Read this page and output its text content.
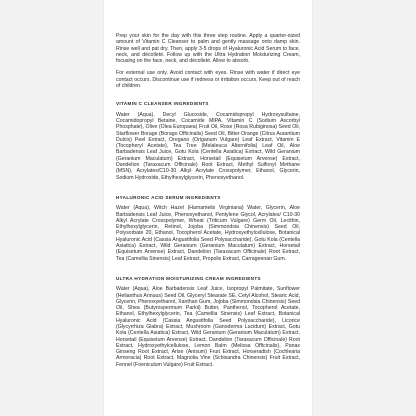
Prep your skin for the day with this three step routine. Apply a quarter-sized amount of Vitamin C Cleanser to palm and gently massage onto damp skin. Rinse well and pat dry. Then, apply 3-5 drops of Hyaluronic Acid Serum to face, neck, and décolleté. Follow up with the Ultra Hydration Moisturizing Cream, focusing on the face, neck, and décolleté. Allow to absorb.

For external use only. Avoid contact with eyes. Rinse with water if direct eye contact occurs. Discontinue use if redness or irritation occurs. Keep out of reach of children.

VITAMIN C CLEANSER INGREDIENTS

Water (Aqua), Decyl Glucoside, Cocamidopropyl Hydroxysultaine, Cocamidopropyl Betaine, Cocamide MIPA, Vitamin C (Sodium Ascorbyl Phosphate), Olive (Olea Europaea) Fruit Oil, Rose (Rosa Rubiginosa) Seed Oil, Starflower Borage (Borago Officinalis) Seed Oil, Bitter Orange (Citrus Aurantium Dulcis) Peel Extract, Oregano (Origanum Vulgare) Leaf Extract, Vitamin E (Tocopheryl Acetate), Tea Tree (Melaleuca Alternifolia) Leaf Oil, Aloe Barbadensis Leaf Juice, Gotu Kola (Centella Asiatica) Extract, Wild Geranium (Geranium Maculatum) Extract, Horsetail (Equisetum Arvense) Extract, Dandelion (Taraxacum Officinale) Root Extract, Methyl Sulfonyl Methane (MSN), Acrylates/C10-30 Alkyl Acrylate Crosspolymer, Ethanol, Glycerin, Sodium Hydroxide, Ethylhexylglycerin, Phenoxyethanol.

HYALURONIC ACID SERUM INGREDIENTS

Water (Aqua), Witch Hazel (Hamamelis Virginiana) Water, Glycerin, Aloe Barbadensis Leaf Juice, Phenoxyethanol, Pentylene Glycol, Acrylates/ C10-30 Alkyl Acrylate Crosspolymer, Wheat (Triticum Vulgare) Germ Oil, Lecithin, Ethylhexylglycerin, Retinol, Jojoba (Simmondsia Chinensis) Seed Oil, Polysorbate 20, Ethanol, Tocopherol Acetate, Hydroxyethylcellulose, Botanical Hyaluronic Acid (Cassia Angustifolia Seed Polysaccharide), Gotu Kola (Centella Asiatica) Extract, Wild Geranium (Geranium Maculatum) Extract, Horsetail (Equisetum Arvense) Extract, Dandelion (Taraxacum Officinale) Root Extract, Tea (Camellia Sinensis) Leaf Extract, Propolis Extract, Carrageenan Gum.

ULTRA HYDRATION MOISTURIZING CREAM INGREDIENTS

Water (Aqua), Aloe Barbadensis Leaf Juice, Isopropyl Palmitate, Sunflower (Helianthus Annuus) Seed Oil, Glyceryl Stearate SE, Cetyl Alcohol, Stearic Acid, Glycerin, Phenoxyethanol, Xanthan Gum, Jojoba (Simmondsia Chinensis) Seed Oil, Shea (Butyrospermum Parkii) Butter, Panthenol, Tocopherol Acetate, Ethanol, Ethylhexylglycerin, Tea (Camellia Sinensis) Leaf Extract, Botanical Hyaluronic Acid (Cassia Angustifolia Seed Polysaccharide), Licorice (Glycyrrhiza Glabra) Extract, Mushroom (Ganoderma Lucidum) Extract, Gotu Kola (Centella Asiatica) Extract, Wild Geranium (Geranium Maculatum) Extract, Horsetail (Equisetum Arvense) Extract, Dandelion (Taraxacum Officinale) Root Extract, Hydroxyethylcellulose, Lemon Balm (Melissa Officinalis), Panax Ginseng Root Extract, Arise (Anisum) Fruit Extract, Horseradish (Cochlearia Armoracia) Root Extract, Magnolia Vine (Schisandra Chinensis) Fruit Extract, Fennel (Foeniculum Vulgare) Fruit Extract.
